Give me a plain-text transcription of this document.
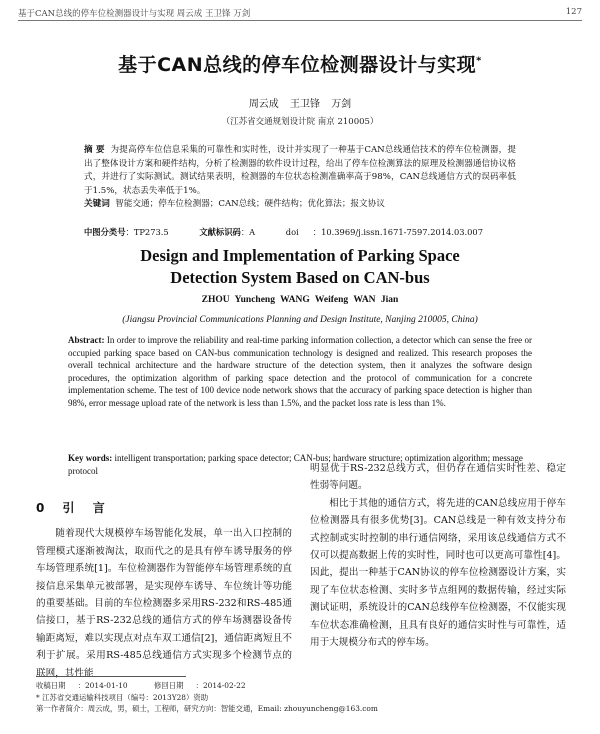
基于CAN总线的停车位检测器设计与实现 周云成 王卫锋 万剑	127
基于CAN总线的停车位检测器设计与实现*
周云成 王卫锋 万剑
（江苏省交通规划设计院 南京 210005）
摘 要 为提高停车位信息采集的可靠性和实时性，设计并实现了一种基于CAN总线通信技术的停车位检测器，提出了整体设计方案和硬件结构，分析了检测器的软件设计过程，给出了停车位检测算法的原理及检测器通信协议格式，并进行了实际测试。测试结果表明，检测器的车位状态检测准确率高于98%，CAN总线通信方式的误码率低于1.5%，状态丢失率低于1%。
关键词 智能交通；停车位检测器；CAN总线；硬件结构；优化算法；报文协议
中图分类号：TP273.5	文献标识码：A	doi ：10.3969/j.issn.1671-7597.2014.03.007
Design and Implementation of Parking Space
Detection System Based on CAN-bus
ZHOU Yuncheng WANG Weifeng WAN Jian
(Jiangsu Provincial Communications Planning and Design Institute, Nanjing 210005, China)
Abstract: In order to improve the reliability and real-time parking information collection, a detector which can sense the free or occupied parking space based on CAN-bus communication technology is designed and realized. This research proposes the overall technical architecture and the hardware structure of the detection system, then it analyzes the software design procedures, the optimization algorithm of parking space detection and the protocol of communication for a concrete implementation scheme. The test of 100 device node network shows that the accuracy of parking space detection is higher than 98%, error message upload rate of the network is less than 1.5%, and the packet loss rate is less than 1%.
Key words: intelligent transportation; parking space detector; CAN-bus; hardware structure; optimization algorithm; message protocol
0 引 言
随着现代大规模停车场智能化发展，单一出入口控制的管理模式逐渐被淘汰，取而代之的是具有停车诱导服务的停车场管理系统[1]。车位检测器作为智能停车场管理系统的直接信息采集单元被部署，是实现停车诱导、车位统计等功能的重要基础。目前的车位检测器多采用RS-232和RS-485通信接口，基于RS-232总线的通信方式的停车场测器设备传输距离短，难以实现点对点车双工通信[2]，通信距离短且不利于扩展。采用RS-485总线通信方式实现多个检测节点的联网，其性能
明显优于RS-232总线方式，但仍存在通信实时性差、稳定性弱等问题。
相比于其他的通信方式，将先进的CAN总线应用于停车位检测器具有很多优势[3]。CAN总线是一种有效支持分布式控制或实时控制的串行通信网络，采用该总线通信方式不仅可以提高数据上传的实时性，同时也可以更高可靠性[4]。因此，提出一种基于CAN协议的停车位检测器设计方案，实现了车位状态检测、实时多节点组网的数据传输，经过实际测试证明，系统设计的CAN总线停车位检测器，不仅能实现车位状态准确检测，且具有良好的通信实时性与可靠性，适用于大规模分布式的停车场。
收稿日期 ：2014-01-10	修回日期 ：2014-02-22
* 江苏省交通运输科技项目（编号：2013Y28）资助
第一作者简介：周云成，男，硕士，工程师，研究方向：智能交通，Email: zhouyuncheng@163.com
